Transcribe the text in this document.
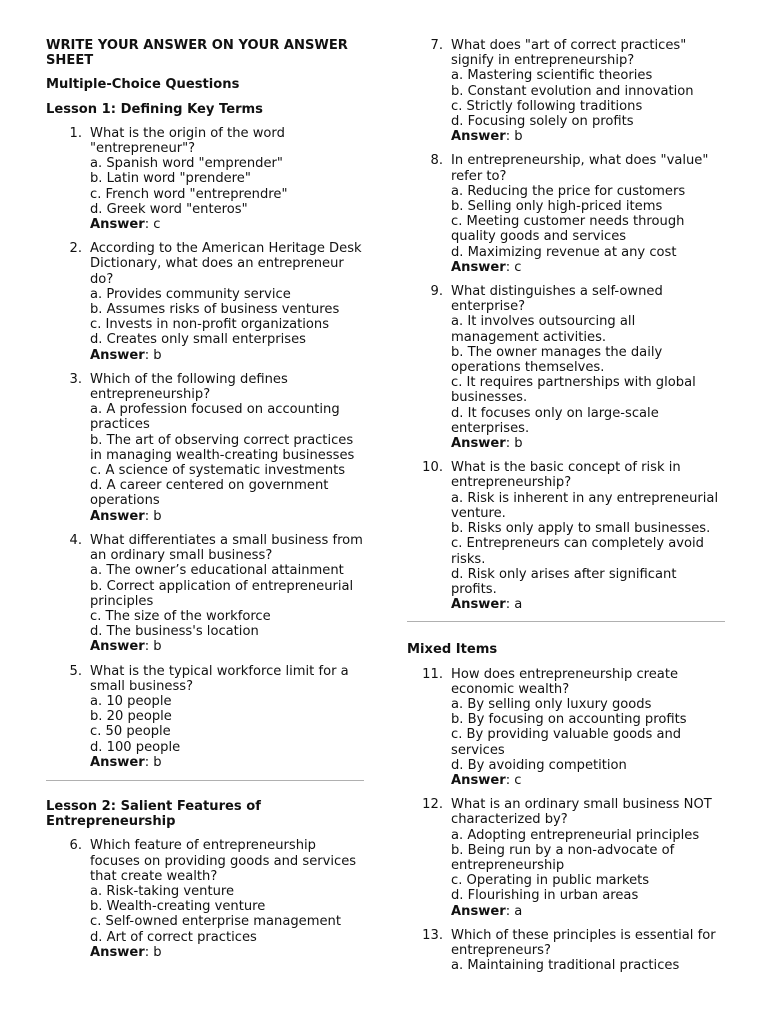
WRITE YOUR ANSWER ON YOUR ANSWER SHEET

Multiple-Choice Questions

Lesson 1: Defining Key Terms

1. What is the origin of the word "entrepreneur"?
a. Spanish word "emprender"
b. Latin word "prendere"
c. French word "entreprendre"
d. Greek word "enteros"
Answer: c
2. According to the American Heritage Desk Dictionary, what does an entrepreneur do?
a. Provides community service
b. Assumes risks of business ventures
c. Invests in non-profit organizations
d. Creates only small enterprises
Answer: b
3. Which of the following defines entrepreneurship?
a. A profession focused on accounting practices
b. The art of observing correct practices in managing wealth-creating businesses
c. A science of systematic investments
d. A career centered on government operations
Answer: b
4. What differentiates a small business from an ordinary small business?
a. The owner’s educational attainment
b. Correct application of entrepreneurial principles
c. The size of the workforce
d. The business's location
Answer: b
5. What is the typical workforce limit for a small business?
a. 10 people
b. 20 people
c. 50 people
d. 100 people
Answer: b

Lesson 2: Salient Features of Entrepreneurship

6. Which feature of entrepreneurship focuses on providing goods and services that create wealth?
a. Risk-taking venture
b. Wealth-creating venture
c. Self-owned enterprise management
d. Art of correct practices
Answer: b
7. What does "art of correct practices" signify in entrepreneurship?
a. Mastering scientific theories
b. Constant evolution and innovation
c. Strictly following traditions
d. Focusing solely on profits
Answer: b
8. In entrepreneurship, what does "value" refer to?
a. Reducing the price for customers
b. Selling only high-priced items
c. Meeting customer needs through quality goods and services
d. Maximizing revenue at any cost
Answer: c
9. What distinguishes a self-owned enterprise?
a. It involves outsourcing all management activities.
b. The owner manages the daily operations themselves.
c. It requires partnerships with global businesses.
d. It focuses only on large-scale enterprises.
Answer: b
10. What is the basic concept of risk in entrepreneurship?
a. Risk is inherent in any entrepreneurial venture.
b. Risks only apply to small businesses.
c. Entrepreneurs can completely avoid risks.
d. Risk only arises after significant profits.
Answer: a

Mixed Items

11. How does entrepreneurship create economic wealth?
a. By selling only luxury goods
b. By focusing on accounting profits
c. By providing valuable goods and services
d. By avoiding competition
Answer: c
12. What is an ordinary small business NOT characterized by?
a. Adopting entrepreneurial principles
b. Being run by a non-advocate of entrepreneurship
c. Operating in public markets
d. Flourishing in urban areas
Answer: a
13. Which of these principles is essential for entrepreneurs?
a. Maintaining traditional practices
